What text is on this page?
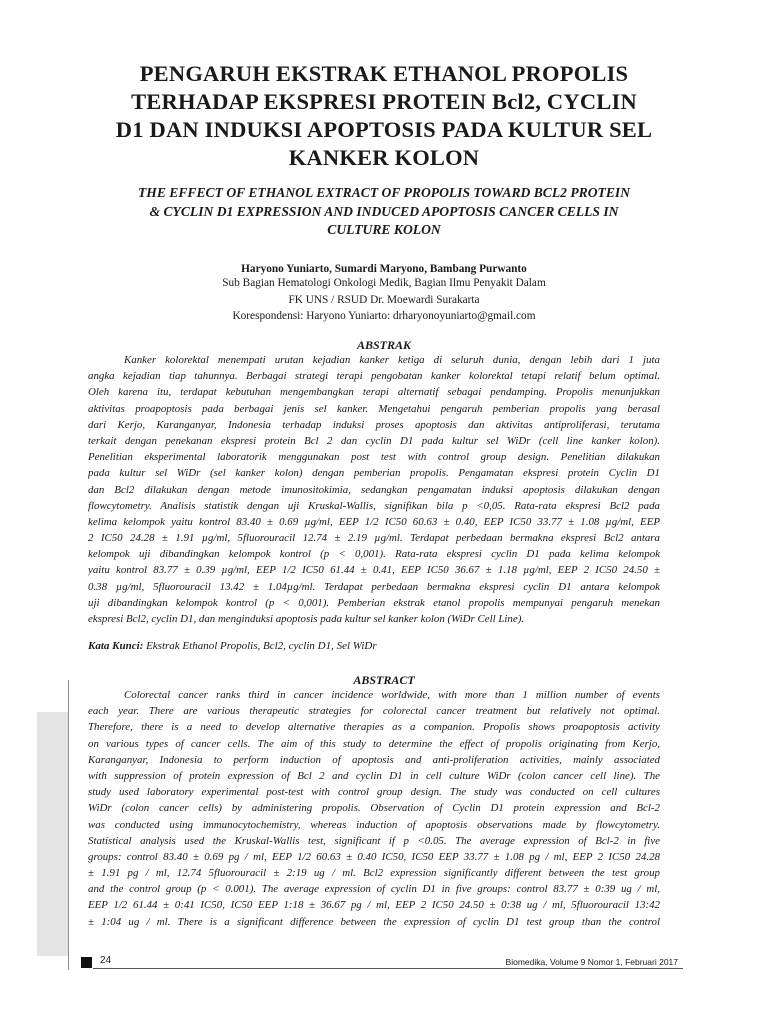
PENGARUH EKSTRAK ETHANOL PROPOLIS
TERHADAP EKSPRESI PROTEIN Bcl2, CYCLIN
D1 DAN INDUKSI APOPTOSIS PADA KULTUR SEL
KANKER KOLON
THE EFFECT OF ETHANOL EXTRACT OF PROPOLIS TOWARD BCL2 PROTEIN
& CYCLIN D1 EXPRESSION AND INDUCED APOPTOSIS CANCER CELLS IN
CULTURE KOLON
Haryono Yuniarto, Sumardi Maryono, Bambang Purwanto
Sub Bagian Hematologi Onkologi Medik, Bagian Ilmu Penyakit Dalam
FK UNS / RSUD Dr. Moewardi Surakarta
Korespondensi: Haryono Yuniarto: drharyonoyuniarto@gmail.com
ABSTRAK
Kanker kolorektal menempati urutan kejadian kanker ketiga di seluruh dunia, dengan lebih dari 1 juta
angka kejadian tiap tahunnya. Berbagai strategi terapi pengobatan kanker kolorektal tetapi relatif belum optimal.
Oleh karena itu, terdapat kebutuhan mengembangkan terapi alternatif sebagai pendamping. Propolis menunjukkan
aktivitas proapoptosis pada berbagai jenis sel kanker. Mengetahui pengaruh pemberian propolis yang berasal
dari Kerjo, Karanganyar, Indonesia terhadap induksi proses apoptosis dan aktivitas antiproliferasi, terutama
terkait dengan penekanan ekspresi protein Bcl 2 dan cyclin D1 pada kultur sel WiDr (cell line kanker kolon).
Penelitian eksperimental laboratorik menggunakan post test with control group design. Penelitian dilakukan
pada kultur sel WiDr (sel kanker kolon) dengan pemberian propolis. Pengamatan ekspresi protein Cyclin D1
dan Bcl2 dilakukan dengan metode imunositokimia, sedangkan pengamatan induksi apoptosis dilakukan dengan
flowcytometry. Analisis statistik dengan uji Kruskal-Wallis, signifikan bila p <0,05. Rata-rata ekspresi Bcl2 pada
kelima kelompok yaitu kontrol 83.40 ± 0.69 µg/ml, EEP 1/2 IC50 60.63 ± 0.40, EEP IC50 33.77 ± 1.08 µg/ml, EEP
2 IC50 24.28 ± 1.91 µg/ml, 5fluorouracil 12.74 ± 2.19 µg/ml. Terdapat perbedaan bermakna ekspresi Bcl2 antara
kelompok uji dibandingkan kelompok kontrol (p < 0,001). Rata-rata ekspresi cyclin D1 pada kelima kelompok
yaitu kontrol 83.77 ± 0.39 µg/ml, EEP 1/2 IC50 61.44 ± 0.41, EEP IC50 36.67 ± 1.18 µg/ml, EEP 2 IC50 24.50 ±
0.38 µg/ml, 5fluorouracil 13.42 ± 1.04µg/ml. Terdapat perbedaan bermakna ekspresi cyclin D1 antara kelompok
uji dibandingkan kelompok kontrol (p < 0,001). Pemberian ekstrak etanol propolis mempunyai pengaruh menekan
ekspresi Bcl2, cyclin D1, dan menginduksi apoptosis pada kultur sel kanker kolon (WiDr Cell Line).
Kata Kunci: Ekstrak Ethanol Propolis, Bcl2, cyclin D1, Sel WiDr
ABSTRACT
Colorectal cancer ranks third in cancer incidence worldwide, with more than 1 million number of events
each year. There are various therapeutic strategies for colorectal cancer treatment but relatively not optimal.
Therefore, there is a need to develop alternative therapies as a companion. Propolis shows proapoptosis activity
on various types of cancer cells. The aim of this study to determine the effect of propolis originating from Kerjo,
Karanganyar, Indonesia to perform induction of apoptosis and anti-proliferation activities, mainly associated
with suppression of protein expression of Bcl 2 and cyclin D1 in cell culture WiDr (colon cancer cell line). The
study used laboratory experimental post-test with control group design. The study was conducted on cell cultures
WiDr (colon cancer cells) by administering propolis. Observation of Cyclin D1 protein expression and Bcl-2
was conducted using immunocytochemistry, whereas induction of apoptosis observations made by flowcytometry.
Statistical analysis used the Kruskal-Wallis test, significant if p <0.05. The average expression of Bcl-2 in five
groups: control 83.40 ± 0.69 pg / ml, EEP 1/2 60.63 ± 0.40 IC50, IC50 EEP 33.77 ± 1.08 pg / ml, EEP 2 IC50 24.28
± 1.91 pg / ml, 12.74 5fluorouracil ± 2:19 ug / ml. Bcl2 expression significantly different between the test group
and the control group (p < 0.001). The average expression of cyclin D1 in five groups: control 83.77 ± 0:39 ug / ml,
EEP 1/2 61.44 ± 0:41 IC50, IC50 EEP 1:18 ± 36.67 pg / ml, EEP 2 IC50 24.50 ± 0:38 ug / ml, 5fluorouracil 13:42
± 1:04 ug / ml. There is a significant difference between the expression of cyclin D1 test group than the control
24	Biomedika, Volume 9 Nomor 1, Februari 2017
